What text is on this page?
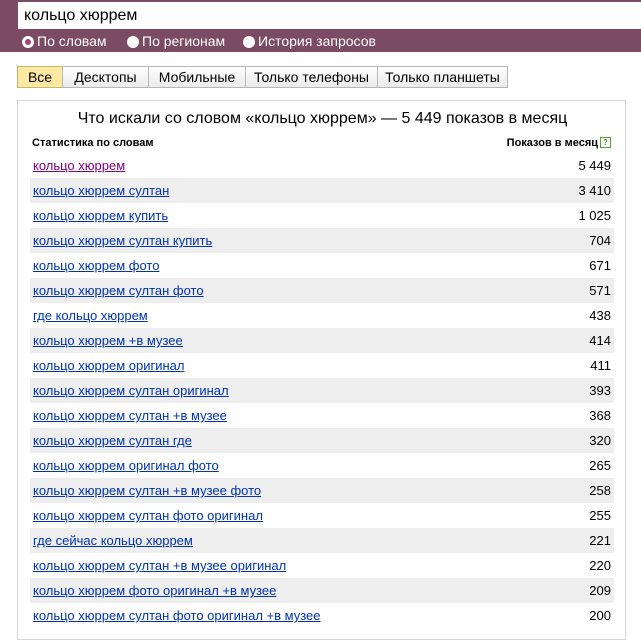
кольцо хюррем
По словам	По регионам	История запросов
Все	Десктопы	Мобильные	Только телефоны	Только планшеты
Что искали со словом «кольцо хюррем» — 5 449 показов в месяц
Статистика по словам	Показов в месяц ?
кольцо хюррем	5 449
кольцо хюррем султан	3 410
кольцо хюррем купить	1 025
кольцо хюррем султан купить	704
кольцо хюррем фото	671
кольцо хюррем султан фото	571
где кольцо хюррем	438
кольцо хюррем +в музее	414
кольцо хюррем оригинал	411
кольцо хюррем султан оригинал	393
кольцо хюррем султан +в музее	368
кольцо хюррем султан где	320
кольцо хюррем оригинал фото	265
кольцо хюррем султан +в музее фото	258
кольцо хюррем султан фото оригинал	255
где сейчас кольцо хюррем	221
кольцо хюррем султан +в музее оригинал	220
кольцо хюррем фото оригинал +в музее	209
кольцо хюррем султан фото оригинал +в музее	200
